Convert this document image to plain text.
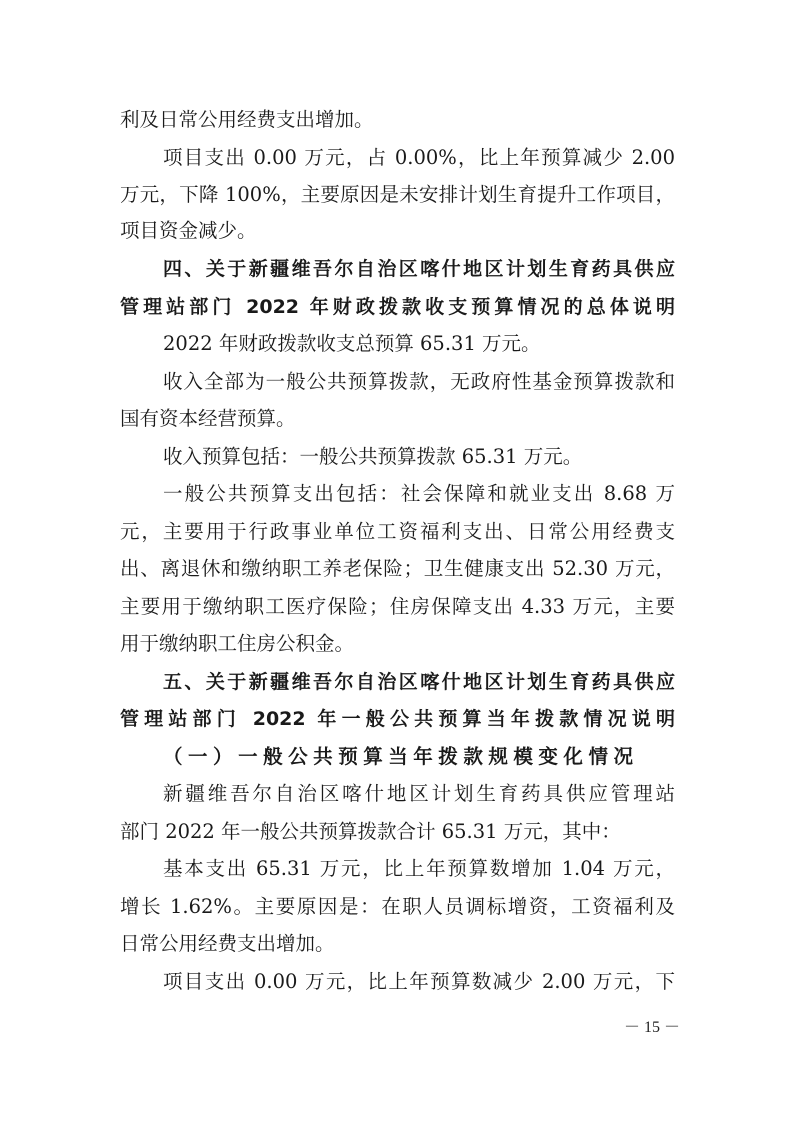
利及日常公用经费支出增加。
项目支出 0.00 万元，占 0.00%，比上年预算减少 2.00
万元，下降 100%，主要原因是未安排计划生育提升工作项目，
项目资金减少。
四、关于新疆维吾尔自治区喀什地区计划生育药具供应
管理站部门 2022 年财政拨款收支预算情况的总体说明
2022 年财政拨款收支总预算 65.31 万元。
收入全部为一般公共预算拨款，无政府性基金预算拨款和
国有资本经营预算。
收入预算包括：一般公共预算拨款 65.31 万元。
一般公共预算支出包括：社会保障和就业支出 8.68 万
元，主要用于行政事业单位工资福利支出、日常公用经费支
出、离退休和缴纳职工养老保险；卫生健康支出 52.30 万元，
主要用于缴纳职工医疗保险；住房保障支出 4.33 万元，主要
用于缴纳职工住房公积金。
五、关于新疆维吾尔自治区喀什地区计划生育药具供应
管理站部门 2022 年一般公共预算当年拨款情况说明
（一）一般公共预算当年拨款规模变化情况
新疆维吾尔自治区喀什地区计划生育药具供应管理站
部门 2022 年一般公共预算拨款合计 65.31 万元，其中：
基本支出 65.31 万元，比上年预算数增加 1.04 万元，
增长 1.62%。主要原因是：在职人员调标增资，工资福利及
日常公用经费支出增加。
项目支出 0.00 万元，比上年预算数减少 2.00 万元，下
－ 15 －
